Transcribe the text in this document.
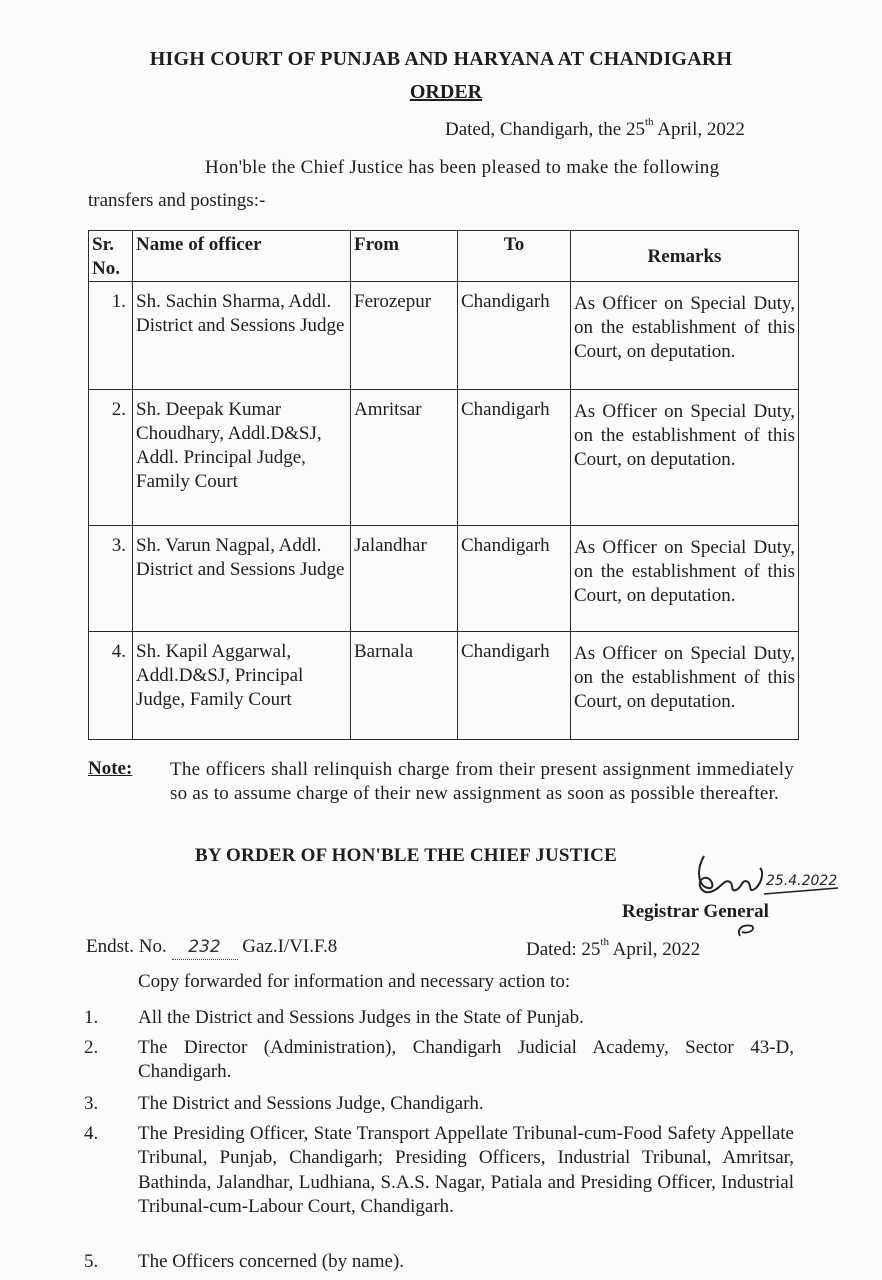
HIGH COURT OF PUNJAB AND HARYANA AT CHANDIGARH
ORDER
Dated, Chandigarh, the 25th April, 2022
Hon'ble the Chief Justice has been pleased to make the following
transfers and postings:-
Sr. No.	Name of officer	From	To	Remarks
1.	Sh. Sachin Sharma, Addl. District and Sessions Judge	Ferozepur	Chandigarh	As Officer on Special Duty, on the establishment of this Court, on deputation.
2.	Sh. Deepak Kumar Choudhary, Addl.D&SJ, Addl. Principal Judge, Family Court	Amritsar	Chandigarh	As Officer on Special Duty, on the establishment of this Court, on deputation.
3.	Sh. Varun Nagpal, Addl. District and Sessions Judge	Jalandhar	Chandigarh	As Officer on Special Duty, on the establishment of this Court, on deputation.
4.	Sh. Kapil Aggarwal, Addl.D&SJ, Principal Judge, Family Court	Barnala	Chandigarh	As Officer on Special Duty, on the establishment of this Court, on deputation.
Note: The officers shall relinquish charge from their present assignment immediately so as to assume charge of their new assignment as soon as possible thereafter.
BY ORDER OF HON'BLE THE CHIEF JUSTICE
25.4.2022
Registrar General
Endst. No. 232 Gaz.I/VI.F.8	Dated: 25th April, 2022
Copy forwarded for information and necessary action to:
1.	All the District and Sessions Judges in the State of Punjab.
2.	The Director (Administration), Chandigarh Judicial Academy, Sector 43-D, Chandigarh.
3.	The District and Sessions Judge, Chandigarh.
4.	The Presiding Officer, State Transport Appellate Tribunal-cum-Food Safety Appellate Tribunal, Punjab, Chandigarh; Presiding Officers, Industrial Tribunal, Amritsar, Bathinda, Jalandhar, Ludhiana, S.A.S. Nagar, Patiala and Presiding Officer, Industrial Tribunal-cum-Labour Court, Chandigarh.
5.	The Officers concerned (by name).
